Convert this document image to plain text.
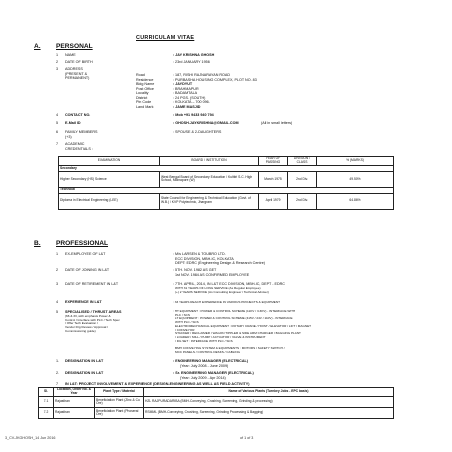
CURRICULAM VITAE
A. PERSONAL
1 NAME	: JAY KRISHNA GHOSH
2 DATE OF BIRTH	: 23rd JANUARY 1956
3 ADDRESS
(PRESENT &
PERMANENT)
Road	: 187, RISHI RAJNARAYAN ROAD
Residence	: PURBASHA HOUSING COMPLEX, PLOT NO. 83
Bldg Name	: JAYDYUT
Post Office	: BRAHMAPUR
Locality	: BADAMTALA
District	: 24 PGS. (SOUTH)
Pin Code	: KOLKATA – 700 096.
Land Mark	: JAME MASJID
4 CONTACT NO.	: Mob +91 9433 940 794
5 E-Mail ID	: GHOSH.JAYKRISHNA@GMAIL.COM	(All in small letters)
6 FAMILY MEMBERS
(+3)
: SPOUSE & 2-DAUGHTERS
7 ACADEMIC
CREDENTIALS :
EXAMINATION	BOARD / INSTITUTION	YEAR OF PASSING	DIVISION / CLASS	% (MARKS)
Secondary				
Higher Secondary (HS) Science	West Bengal Board of Secondary Education / Kulttiri S.C. High School, Midnapore (W)	March 1975	2nd Div.	49.50%
Technical				
Diploma in Electrical Engineering (LEE)	State Council for Engineering & Technical Education (Govt. of W.B.) / KVP Polytechnic, Jhargram	April 1979	2nd Div.	64.86%
B. PROFESSIONAL
1 EX-EMPLOYEE OF L&T	: M/s LARSEN & TOUBRO LTD.
ECC DIVISION, MBH-IC, KOLKATA
DEPT: EDRC (Engineering Design & Research Centre)
2 DATE OF JOINING IN L&T	: 5TH. NOV. 1982 AS GET
1st NOV. 1984 AS CONFIRMED EMPLOYEE
3 DATE OF RETIREMENT IN L&T	: 7TH. APRIL, 2014, IN L&T ECC DIVISION, MBH-IC, DEPT - EDRC
WITH 31 YEARS OF LONG SERVICE (As Regular Employee)
(+) 2 YEARS SERVICE (As Consulting Engineer / Technical Adviser)
4 EXPERIENCE IN L&T	: 33 YEARS REACH EXPERIENCE IN VARIOUS PROJECTS & EQUIPMENT
5 SPECIALISED / THRUST AREAS
(66 & 33, with emphasis Power &
Control / Interface with PLC / Tech Spec
/ Offer Tech Evaluation /
Vendor Drg Review / Approval /
Commissioning guide)
: HT EQUIPMENT : POWER & CONTROL SCHEME (11KV / 3.3KV) - INTERFACE WITH
PLC / SCS
LT EQUIPMENT : POWER & CONTROL SCHEME (415V / 24V / 110V) - INTERFACE
WITH PLC / SCS
ELECTROMECHANICAL EQUIPMENT : ROTARY CRANE / HOIST / ELEVATOR / LIFT / MAGNET
/ CONVEYOR
STACKER / RECLAIMER / WAGON TIPPLER & SIDE ARM CHARGER / BAGGING PLANT
/ LOADER / MILL / PUMP / ACTUATOR / VALVE & INSTRUMENT
/ DG SET : INTERFACE WITH PLC / SCS
BMH CONVEYING SYSTEM & EQUIPMENTS : MOTORS / SAFETY SWITCH /
MCC PANELS / CONTROL DESKS / CABLING
1. DESIGNATION IN L&T	: ENGINEERING MANAGER (ELECTRICAL)
(Year: July 2008 - June 2009)
2. DESIGNATION IN L&T	: Sr. ENGINEERING MANAGER (ELECTRICAL)
(Year: July 2009 - Apr 2014)
7 IN L&T: PROJECT INVOLVEMENT & EXPERIENCE (DESIGN-ENGINEERING AS WELL AS FIELD ACTIVITY)
Sl.	Location, Order No. & Year	Plant Type / Material	Name of Various Plants (Turnkey Jobs - EPC basis)
7.1	Rajasthan	Beneficiation Plant (Zinc & Cu Ore)	HZL RAJPURADARIBA (BMH-Conveying, Crushing, Screening, Grinding & processing)
7.2	Rajasthan	Beneficiation Plant (Phoserai Ore)	RSMML (BMH-Conveying, Crushing, Screening, Grinding Processing & Bagging)
3_CV-JKGHOSH_14 Jun 2016	of 1 of 3
